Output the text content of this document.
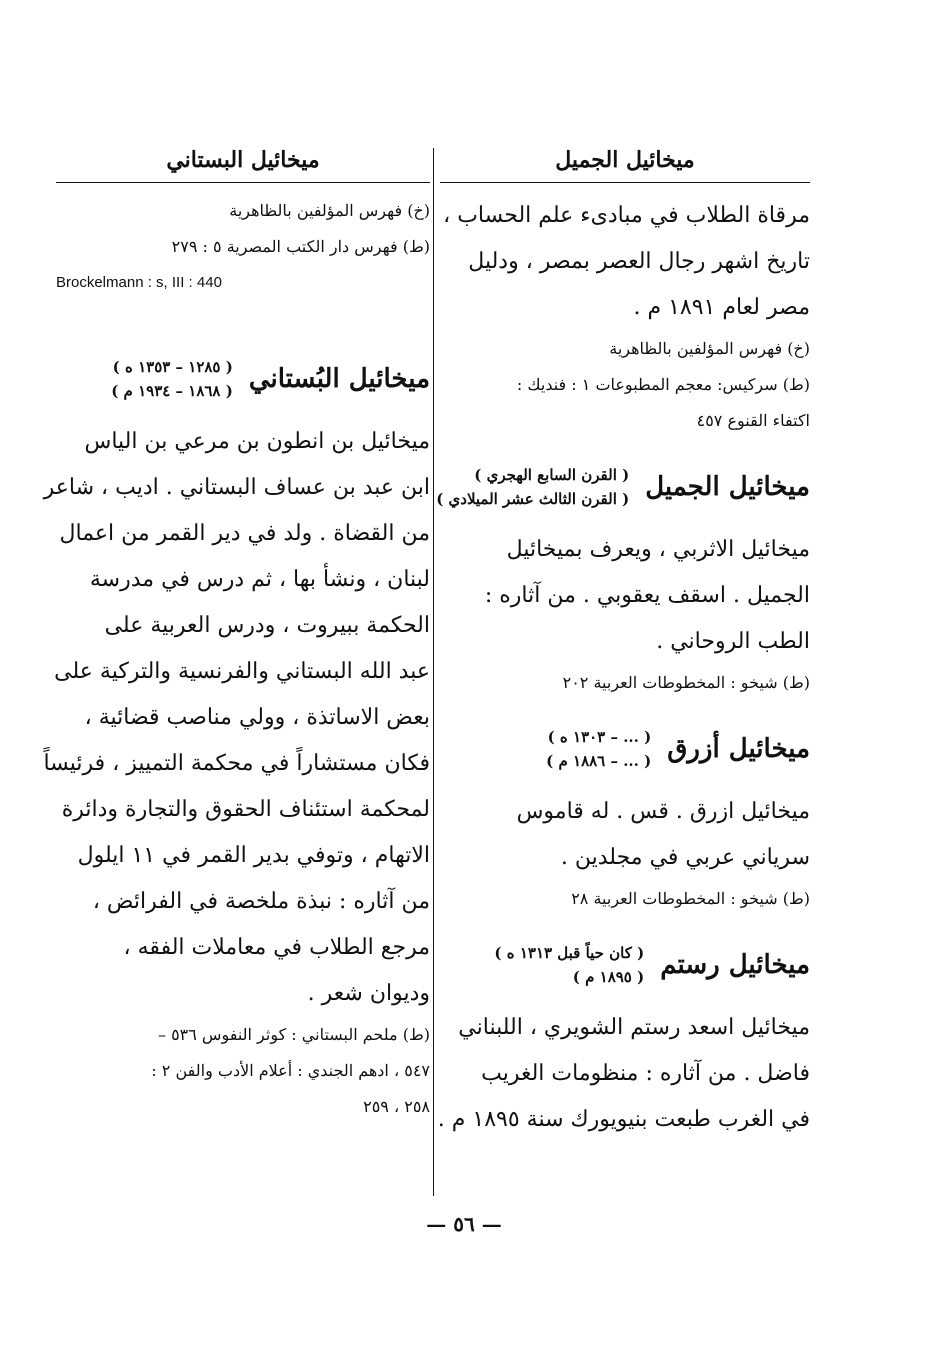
ميخائيل الجميل
مرقاة الطلاب في مبادىء علم الحساب ،
تاريخ اشهر رجال العصر بمصر ، ودليل
مصر لعام ١٨٩١ م .
(خ) فهرس المؤلفين بالظاهرية
(ط) سركيس: معجم المطبوعات ١ : فنديك :
اكتفاء القنوع ٤٥٧
ميخائيل الجميل
( القرن السابع الهجري )
( القرن الثالث عشر الميلادي )
ميخائيل الاثربي ، ويعرف بميخائيل
الجميل . اسقف يعقوبي . من آثاره :
الطب الروحاني .
(ط) شيخو : المخطوطات العربية ٢٠٢
ميخائيل أزرق
( ... – ١٣٠٣ ه )
( ... – ١٨٨٦ م )
ميخائيل ازرق . قس . له قاموس
سرياني عربي في مجلدين .
(ط) شيخو : المخطوطات العربية ٢٨
ميخائيل رستم
( كان حياً قبل ١٣١٣ ه )
( ١٨٩٥ م )
ميخائيل اسعد رستم الشويري ، اللبناني
فاضل . من آثاره : منظومات الغريب
في الغرب طبعت بنيويورك سنة ١٨٩٥ م .
ميخائيل البستاني
(خ) فهرس المؤلفين بالظاهرية
(ط) فهرس دار الكتب المصرية ٥ : ٢٧٩
Brockelmann : s, III : 440
ميخائيل البُستاني
( ١٢٨٥ – ١٣٥٣ ه )
( ١٨٦٨ – ١٩٣٤ م )
ميخائيل بن انطون بن مرعي بن الياس
ابن عبد بن عساف البستاني . اديب ، شاعر
من القضاة . ولد في دير القمر من اعمال
لبنان ، ونشأ بها ، ثم درس في مدرسة
الحكمة ببيروت ، ودرس العربية على
عبد الله البستاني والفرنسية والتركية على
بعض الاساتذة ، وولي مناصب قضائية ،
فكان مستشاراً في محكمة التمييز ، فرئيساً
لمحكمة استئناف الحقوق والتجارة ودائرة
الاتهام ، وتوفي بدير القمر في ١١ ايلول
من آثاره : نبذة ملخصة في الفرائض ،
مرجع الطلاب في معاملات الفقه ،
وديوان شعر .
(ط) ملحم البستاني : كوثر النفوس ٥٣٦ –
٥٤٧ ، ادهم الجندي : أعلام الأدب والفن ٢ :
٢٥٨ ، ٢٥٩
— ٥٦ —
